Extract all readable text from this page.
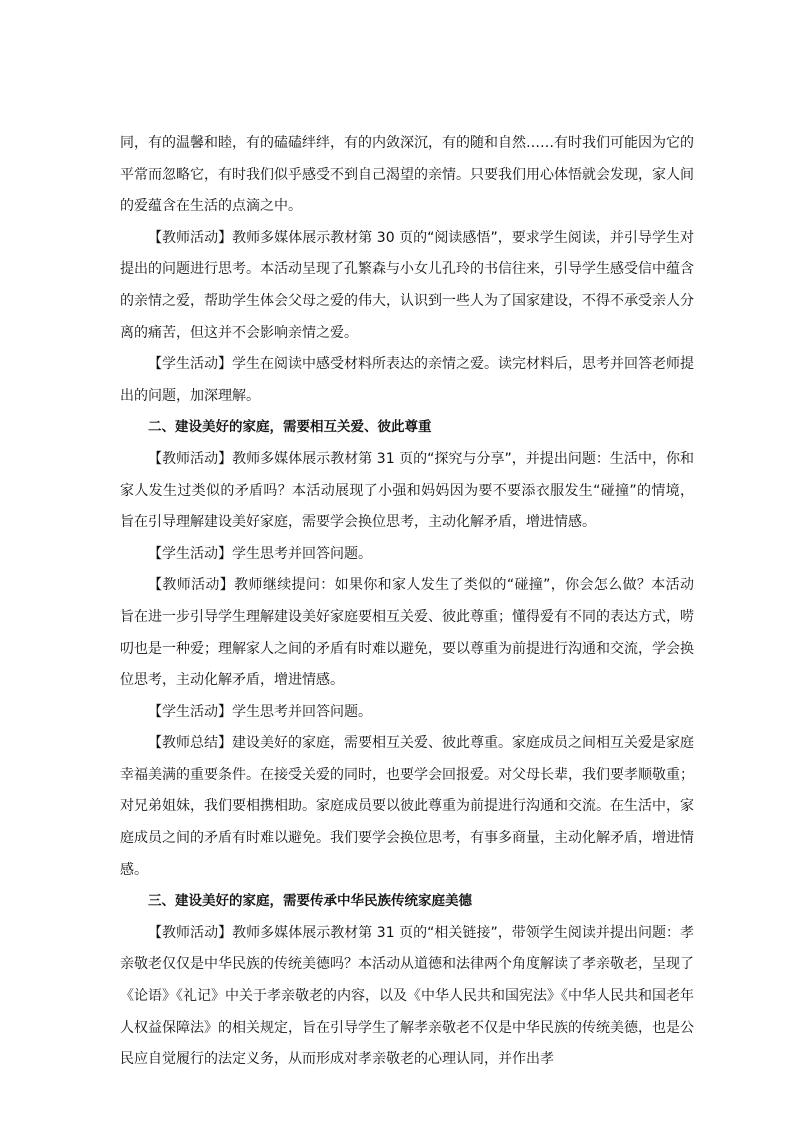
同，有的温馨和睦，有的磕磕绊绊，有的内敛深沉，有的随和自然……有时我们可能因为它的平常而忽略它，有时我们似乎感受不到自己渴望的亲情。只要我们用心体悟就会发现，家人间的爱蕴含在生活的点滴之中。

【教师活动】教师多媒体展示教材第 30 页的“阅读感悟”，要求学生阅读，并引导学生对提出的问题进行思考。本活动呈现了孔繁森与小女儿孔玲的书信往来，引导学生感受信中蕴含的亲情之爱，帮助学生体会父母之爱的伟大，认识到一些人为了国家建设，不得不承受亲人分离的痛苦，但这并不会影响亲情之爱。

【学生活动】学生在阅读中感受材料所表达的亲情之爱。读完材料后，思考并回答老师提出的问题，加深理解。

二、建设美好的家庭，需要相互关爱、彼此尊重

【教师活动】教师多媒体展示教材第 31 页的“探究与分享”，并提出问题：生活中，你和家人发生过类似的矛盾吗？本活动展现了小强和妈妈因为要不要添衣服发生“碰撞”的情境，旨在引导理解建设美好家庭，需要学会换位思考，主动化解矛盾，增进情感。

【学生活动】学生思考并回答问题。

【教师活动】教师继续提问：如果你和家人发生了类似的“碰撞”，你会怎么做？本活动旨在进一步引导学生理解建设美好家庭要相互关爱、彼此尊重；懂得爱有不同的表达方式，唠叨也是一种爱；理解家人之间的矛盾有时难以避免，要以尊重为前提进行沟通和交流，学会换位思考，主动化解矛盾，增进情感。

【学生活动】学生思考并回答问题。

【教师总结】建设美好的家庭，需要相互关爱、彼此尊重。家庭成员之间相互关爱是家庭幸福美满的重要条件。在接受关爱的同时，也要学会回报爱。对父母长辈，我们要孝顺敬重；对兄弟姐妹，我们要相携相助。家庭成员要以彼此尊重为前提进行沟通和交流。在生活中，家庭成员之间的矛盾有时难以避免。我们要学会换位思考，有事多商量，主动化解矛盾，增进情感。

三、建设美好的家庭，需要传承中华民族传统家庭美德

【教师活动】教师多媒体展示教材第 31 页的“相关链接”，带领学生阅读并提出问题：孝亲敬老仅仅是中华民族的传统美德吗？本活动从道德和法律两个角度解读了孝亲敬老，呈现了《论语》《礼记》中关于孝亲敬老的内容，以及《中华人民共和国宪法》《中华人民共和国老年人权益保障法》的相关规定，旨在引导学生了解孝亲敬老不仅是中华民族的传统美德，也是公民应自觉履行的法定义务，从而形成对孝亲敬老的心理认同，并作出孝
